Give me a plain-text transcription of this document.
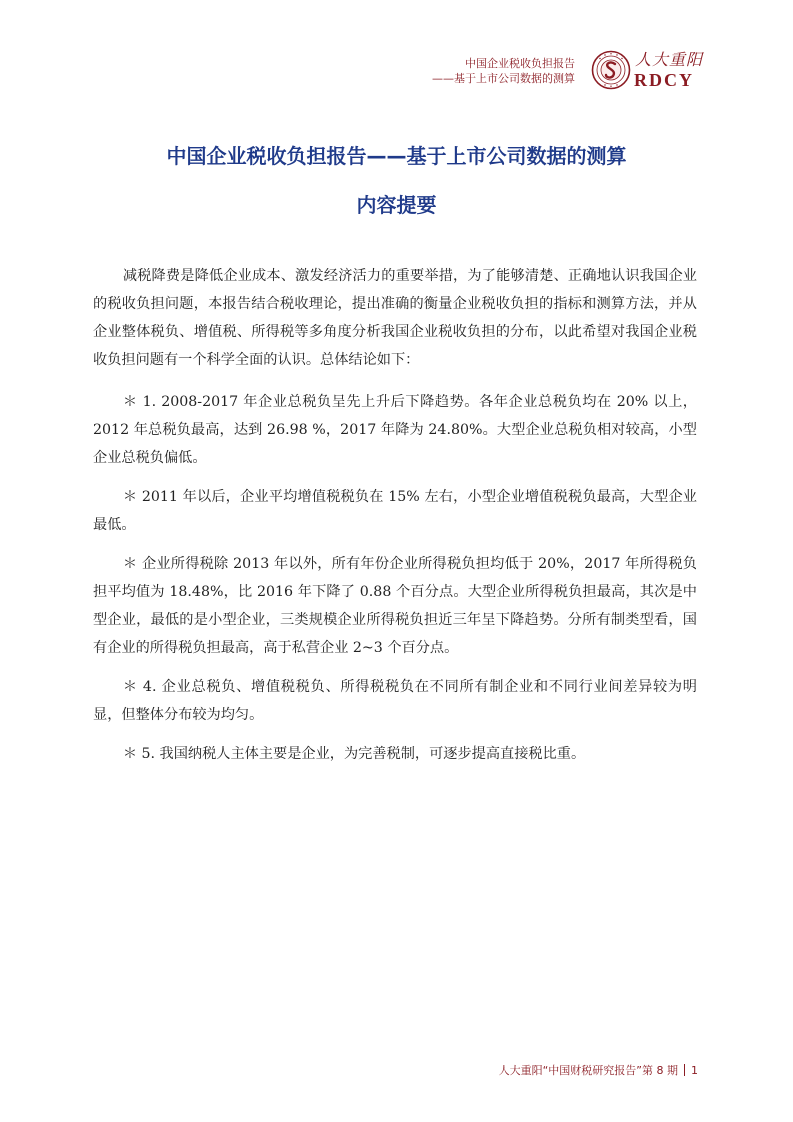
中国企业税收负担报告
——基于上市公司数据的测算
人大重阳
RDCY
中国企业税收负担报告——基于上市公司数据的测算
内容提要

减税降费是降低企业成本、激发经济活力的重要举措，为了能够清楚、正确地认识我国企业的税收负担问题，本报告结合税收理论，提出准确的衡量企业税收负担的指标和测算方法，并从企业整体税负、增值税、所得税等多角度分析我国企业税收负担的分布，以此希望对我国企业税收负担问题有一个科学全面的认识。总体结论如下：

＊ 1. 2008-2017 年企业总税负呈先上升后下降趋势。各年企业总税负均在 20% 以上，2012 年总税负最高，达到 26.98 %，2017 年降为 24.80%。大型企业总税负相对较高，小型企业总税负偏低。

＊ 2011 年以后，企业平均增值税税负在 15% 左右，小型企业增值税税负最高，大型企业最低。

＊ 企业所得税除 2013 年以外，所有年份企业所得税负担均低于 20%，2017 年所得税负担平均值为 18.48%，比 2016 年下降了 0.88 个百分点。大型企业所得税负担最高，其次是中型企业，最低的是小型企业，三类规模企业所得税负担近三年呈下降趋势。分所有制类型看，国有企业的所得税负担最高，高于私营企业 2~3 个百分点。

＊ 4. 企业总税负、增值税税负、所得税税负在不同所有制企业和不同行业间差异较为明显，但整体分布较为均匀。

＊ 5. 我国纳税人主体主要是企业，为完善税制，可逐步提高直接税比重。

人大重阳“中国财税研究报告”第 8 期 1
